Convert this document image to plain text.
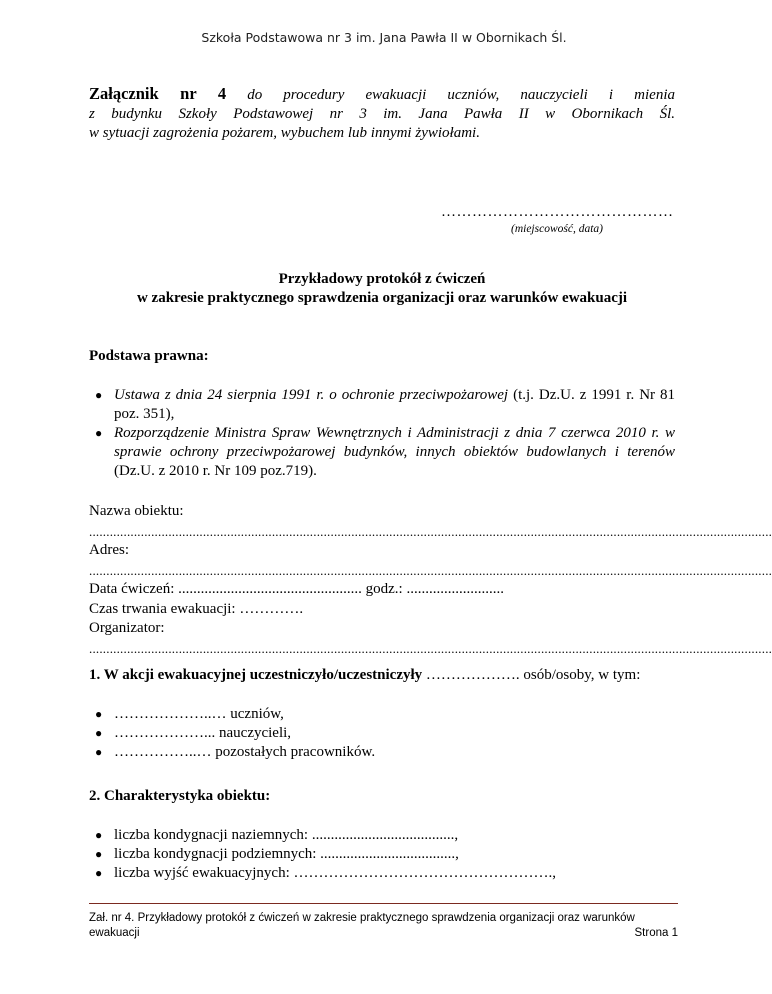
Szkoła Podstawowa nr 3 im. Jana Pawła II w Obornikach Śl.

Załącznik nr 4 do procedury ewakuacji uczniów, nauczycieli i mienia

z budynku Szkoły Podstawowej nr 3 im. Jana Pawła II w Obornikach Śl.

w sytuacji zagrożenia pożarem, wybuchem lub innymi żywiołami.

………………………………………
(miejscowość, data)
Przykładowy protokół z ćwiczeń
w zakresie praktycznego sprawdzenia organizacji oraz warunków ewakuacji
Podstawa prawna:
● Ustawa z dnia 24 sierpnia 1991 r. o ochronie przeciwpożarowej (t.j. Dz.U. z 1991 r. Nr 81 poz. 351),
● Rozporządzenie Ministra Spraw Wewnętrznych i Administracji z dnia 7 czerwca 2010 r. w sprawie ochrony przeciwpożarowej budynków, innych obiektów budowlanych i terenów (Dz.U. z 2010 r. Nr 109 poz.719).
Nazwa obiektu:
......................................................................................................................................................................................................
Adres:
......................................................................................................................................................................................................
Data ćwiczeń: ................................................. godz.: ..........................
Czas trwania ewakuacji: ………….
Organizator:
......................................................................................................................................................................................................
1. W akcji ewakuacyjnej uczestniczyło/uczestniczyły ………………. osób/osoby, w tym:
● ………………..… uczniów,
● ………………... nauczycieli,
● ……………..… pozostałych pracowników.
2. Charakterystyka obiektu:
● liczba kondygnacji naziemnych: ......................................,
● liczba kondygnacji podziemnych: ....................................,
● liczba wyjść ewakuacyjnych: …………………………………………….,
Zał. nr 4. Przykładowy protokół z ćwiczeń w zakresie praktycznego sprawdzenia organizacji oraz warunków
ewakuacji	Strona 1
